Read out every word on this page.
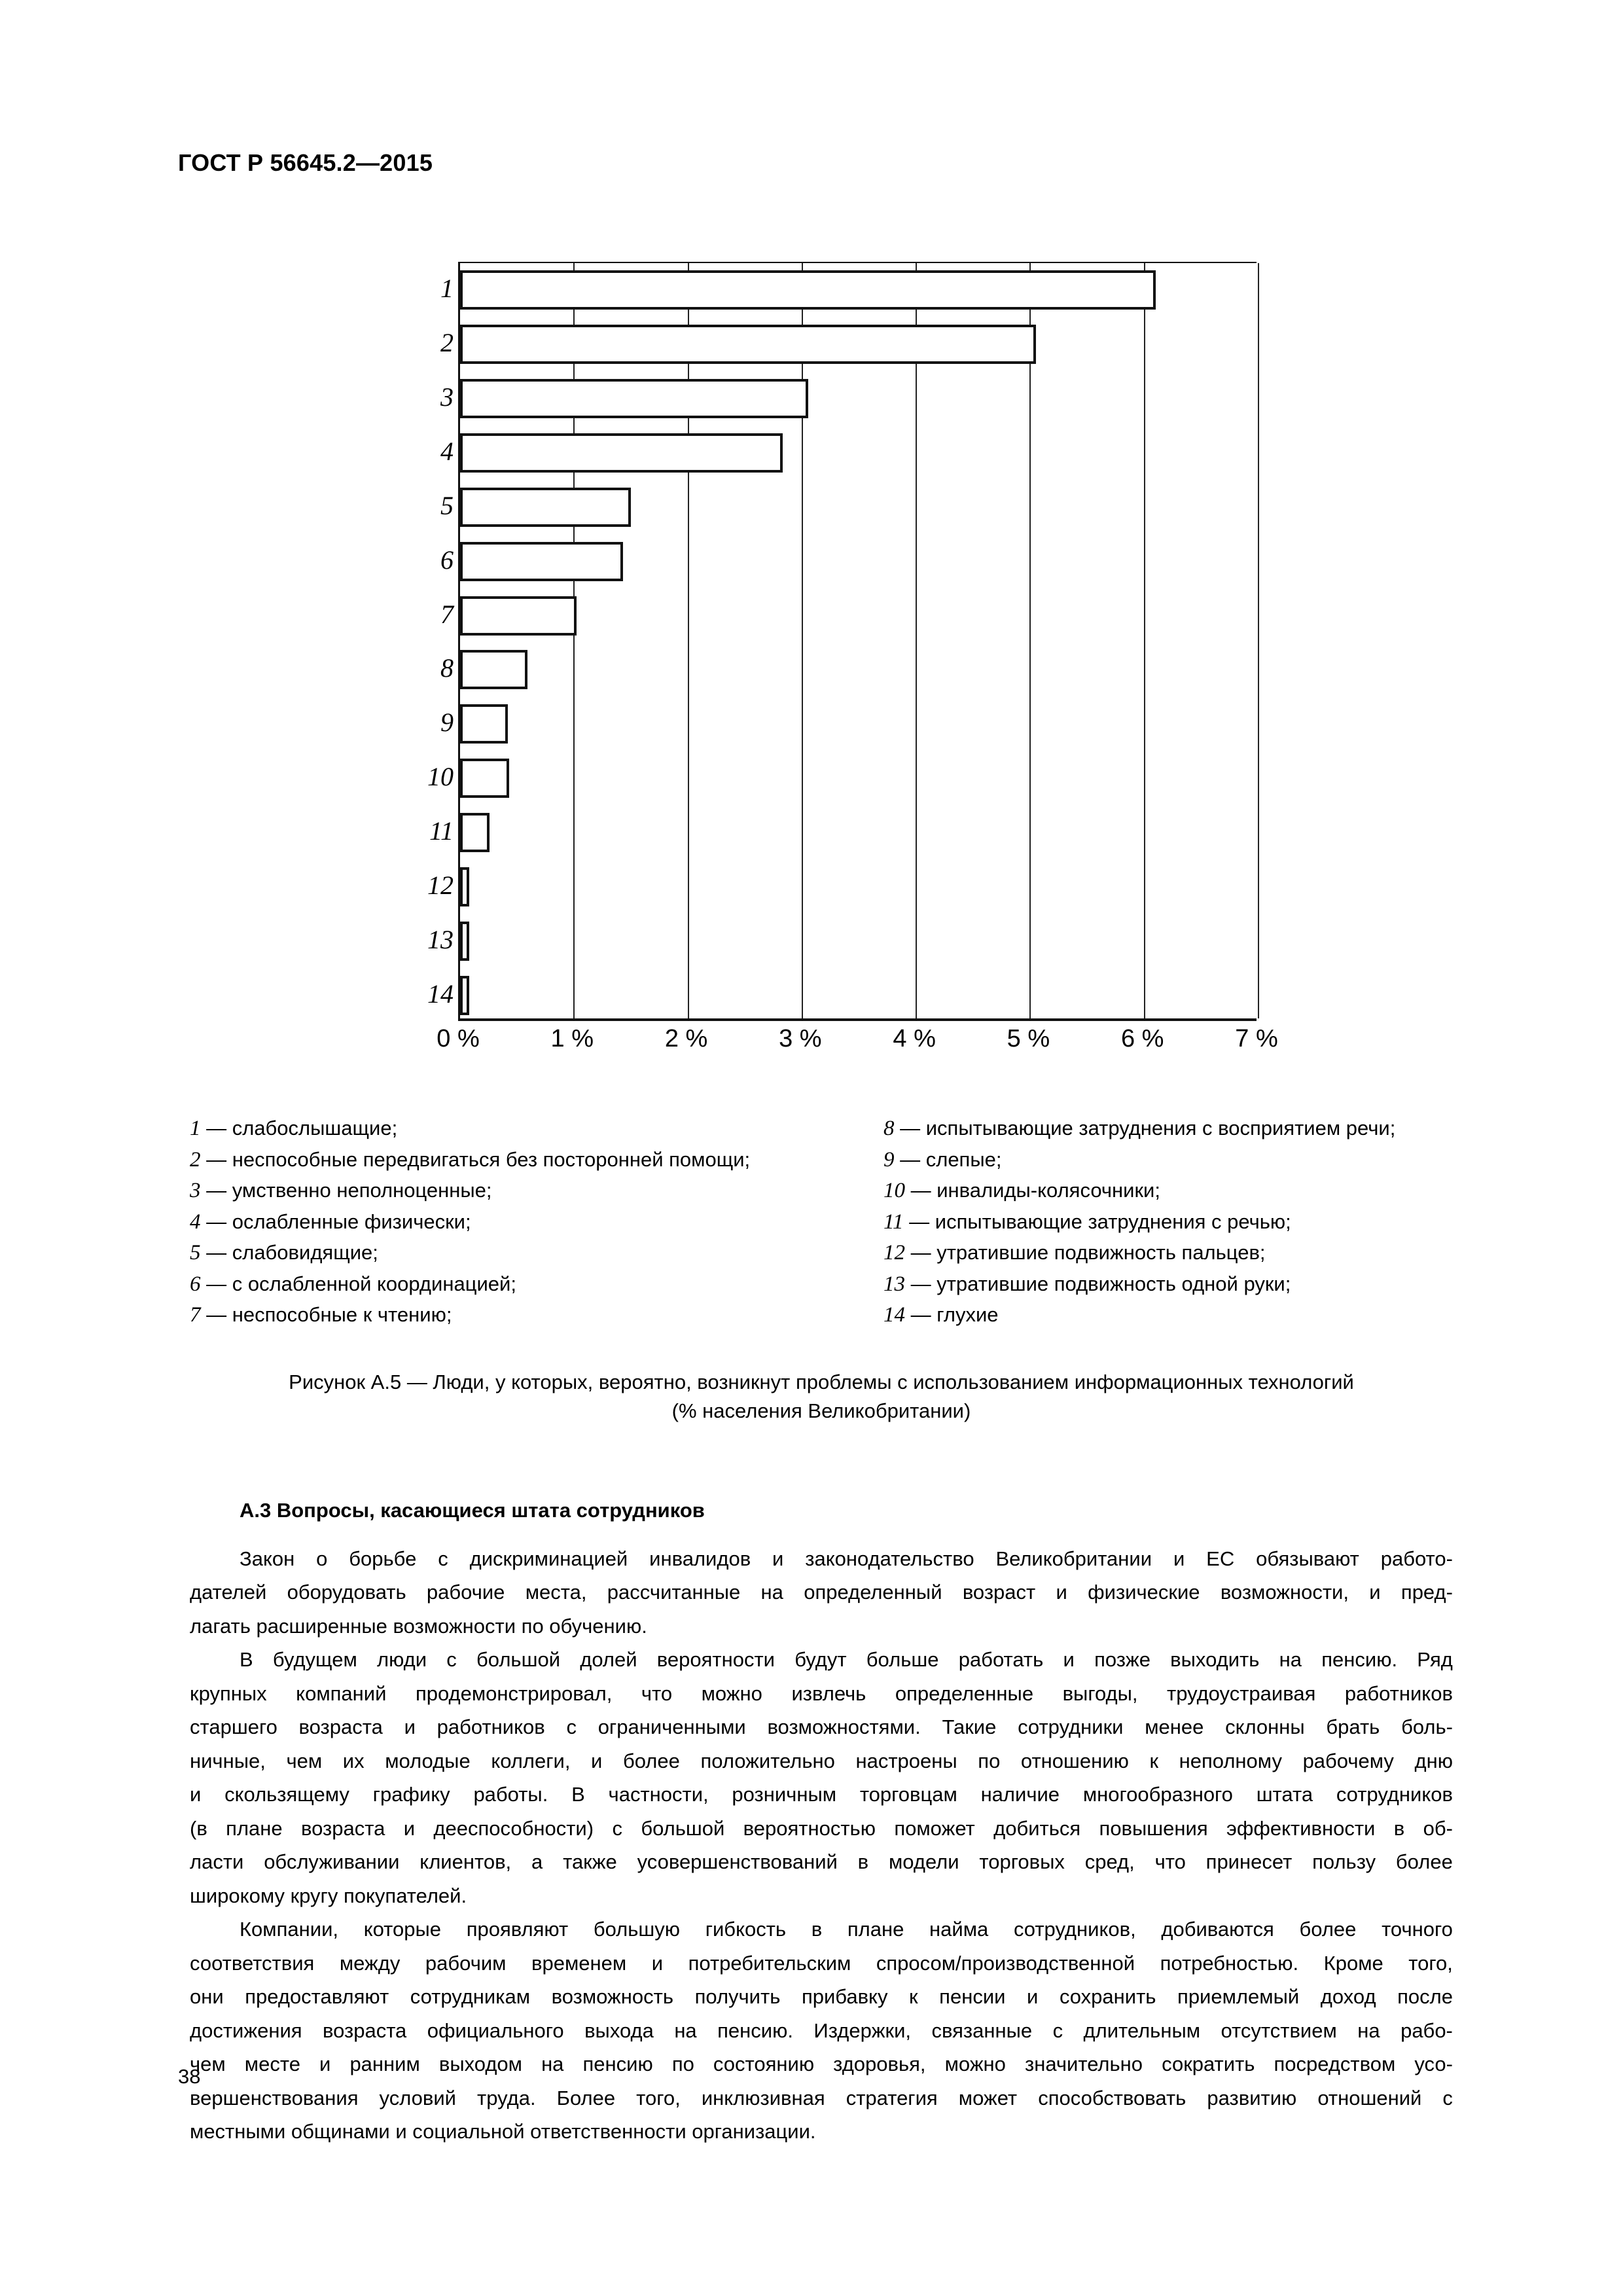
ГОСТ Р 56645.2—2015
1
2
3
4
5
6
7
8
9
10
11
12
13
14
0 %	1 %	2 %	3 %	4 %	5 %	6 %	7 %
1 — слабослышащие;
2 — неспособные передвигаться без посторонней помощи;
3 — умственно неполноценные;
4 — ослабленные физически;
5 — слабовидящие;
6 — с ослабленной координацией;
7 — неспособные к чтению;
8 — испытывающие затруднения с восприятием речи;
9 — слепые;
10 — инвалиды-колясочники;
11 — испытывающие затруднения с речью;
12 — утратившие подвижность пальцев;
13 — утратившие подвижность одной руки;
14 — глухие
Рисунок А.5 — Люди, у которых, вероятно, возникнут проблемы с использованием информационных технологий
(% населения Великобритании)
А.3 Вопросы, касающиеся штата сотрудников
Закон о борьбе с дискриминацией инвалидов и законодательство Великобритании и ЕС обязывают работо-
дателей оборудовать рабочие места, рассчитанные на определенный возраст и физические возможности, и пред-
лагать расширенные возможности по обучению.
В будущем люди с большой долей вероятности будут больше работать и позже выходить на пенсию. Ряд
крупных компаний продемонстрировал, что можно извлечь определенные выгоды, трудоустраивая работников
старшего возраста и работников с ограниченными возможностями. Такие сотрудники менее склонны брать боль-
ничные, чем их молодые коллеги, и более положительно настроены по отношению к неполному рабочему дню
и скользящему графику работы. В частности, розничным торговцам наличие многообразного штата сотрудников
(в плане возраста и дееспособности) с большой вероятностью поможет добиться повышения эффективности в об-
ласти обслуживании клиентов, а также усовершенствований в модели торговых сред, что принесет пользу более
широкому кругу покупателей.
Компании, которые проявляют большую гибкость в плане найма сотрудников, добиваются более точного
соответствия между рабочим временем и потребительским спросом/производственной потребностью. Кроме того,
они предоставляют сотрудникам возможность получить прибавку к пенсии и сохранить приемлемый доход после
достижения возраста официального выхода на пенсию. Издержки, связанные с длительным отсутствием на рабо-
чем месте и ранним выходом на пенсию по состоянию здоровья, можно значительно сократить посредством усо-
вершенствования условий труда. Более того, инклюзивная стратегия может способствовать развитию отношений с
местными общинами и социальной ответственности организации.
38
